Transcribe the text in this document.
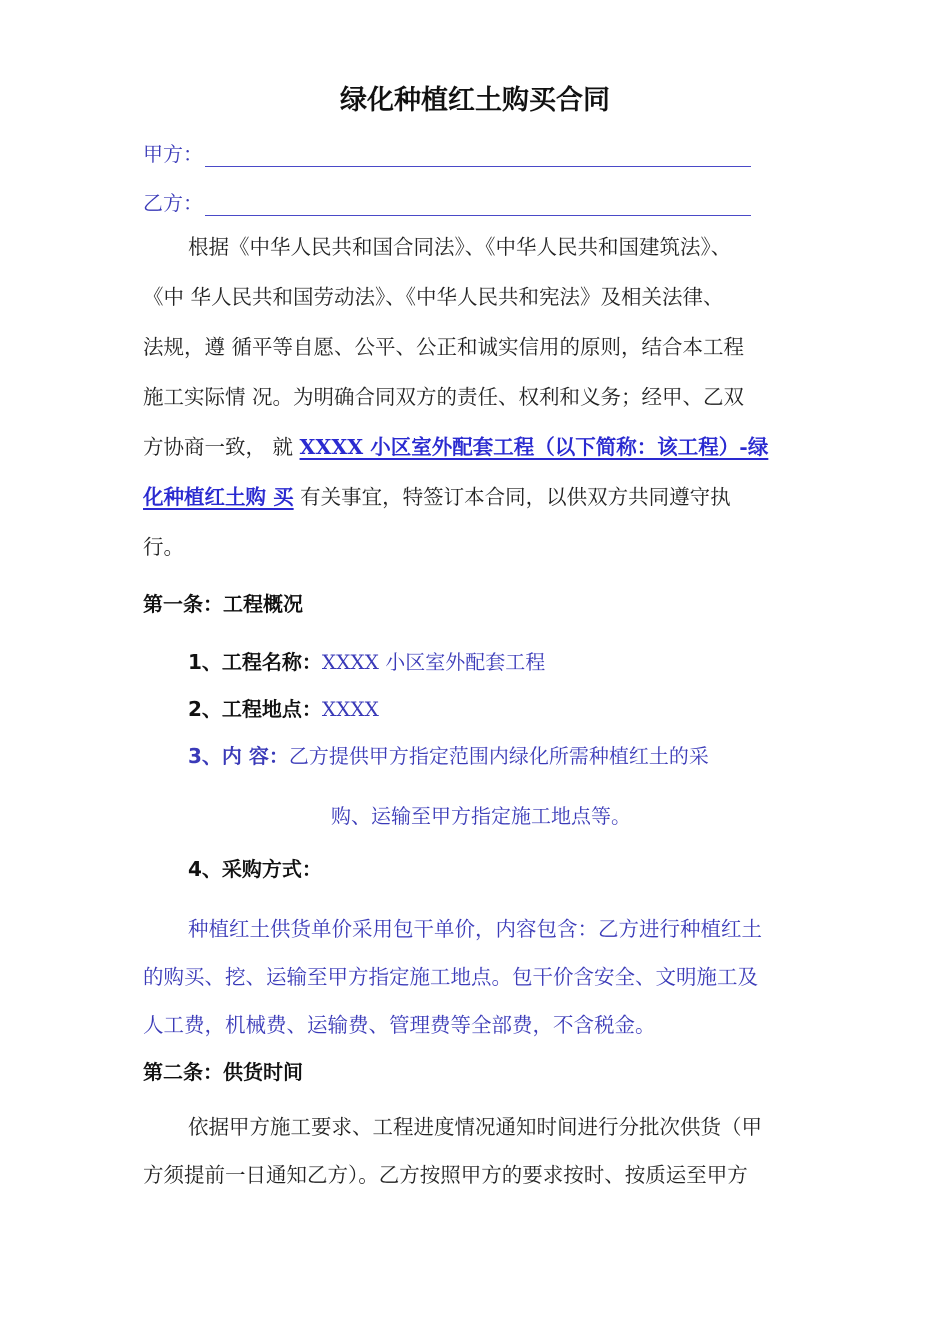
绿化种植红土购买合同
甲方：
乙方：
根据《中华人民共和国合同法》、《中华人民共和国建筑法》、
《中 华人民共和国劳动法》、《中华人民共和宪法》及相关法律、
法规，遵 循平等自愿、公平、公正和诚实信用的原则，结合本工程
施工实际情 况。为明确合同双方的责任、权利和义务；经甲、乙双
方协商一致， 就 XXXX 小区室外配套工程（以下简称：该工程）-绿
化种植红土购 买 有关事宜，特签订本合同，以供双方共同遵守执
行。
第一条：工程概况
1、工程名称：XXXX 小区室外配套工程
2、工程地点：XXXX
3、内 容：乙方提供甲方指定范围内绿化所需种植红土的采
购、运输至甲方指定施工地点等。
4、采购方式：
种植红土供货单价采用包干单价，内容包含：乙方进行种植红土
的购买、挖、运输至甲方指定施工地点。包干价含安全、文明施工及
人工费，机械费、运输费、管理费等全部费，不含税金。
第二条：供货时间
依据甲方施工要求、工程进度情况通知时间进行分批次供货（甲
方须提前一日通知乙方）。乙方按照甲方的要求按时、按质运至甲方
